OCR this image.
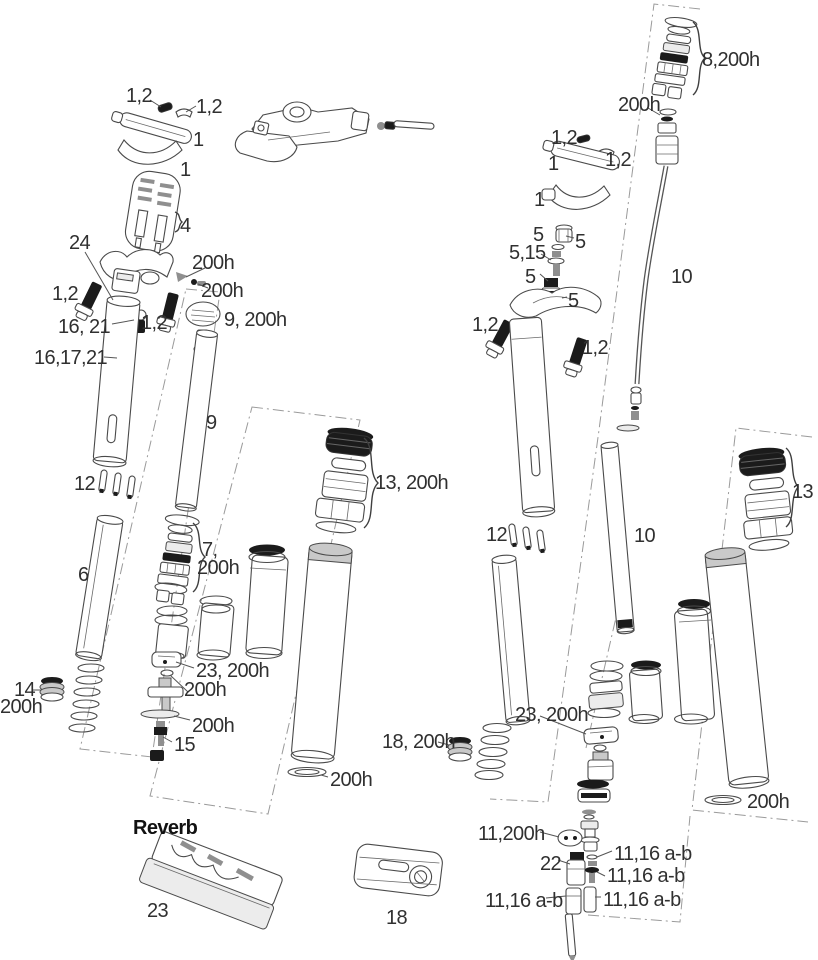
1,2 1,2
1
1
4
24
200h
200h
1,2
16, 21
16,17,21
1,2	9, 200h
9
12
6
7,
200h
13, 200h
23, 200h
200h
14
200h
200h
15
200h
Reverb
23	18
8,200h
200h
1,2
1,2
1
1
5 5
5,15
5
5
10
1,2
1,2
12	10
13
23, 200h
18, 200h
200h
11,200h
22	11,16 a-b
11,16 a-b
11,16 a-b 11,16 a-b
